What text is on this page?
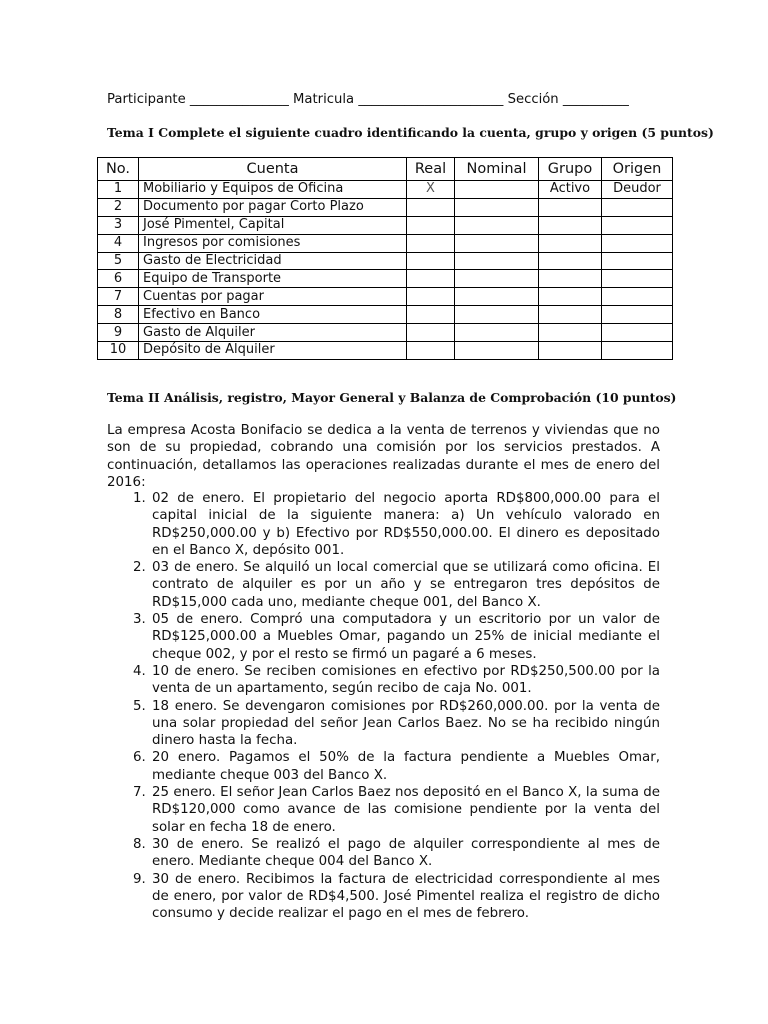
Participante _______________ Matricula ______________________ Sección __________
Tema I Complete el siguiente cuadro identificando la cuenta, grupo y origen (5 puntos)
No.	Cuenta	Real	Nominal	Grupo	Origen
1	Mobiliario y Equipos de Oficina	X		Activo	Deudor
2	Documento por pagar Corto Plazo				
3	José Pimentel, Capital				
4	Ingresos por comisiones				
5	Gasto de Electricidad				
6	Equipo de Transporte				
7	Cuentas por pagar				
8	Efectivo en Banco				
9	Gasto de Alquiler				
10	Depósito de Alquiler				
Tema II Análisis, registro, Mayor General y Balanza de Comprobación (10 puntos)

La empresa Acosta Bonifacio se dedica a la venta de terrenos y viviendas que no son de su propiedad, cobrando una comisión por los servicios prestados. A continuación, detallamos las operaciones realizadas durante el mes de enero del 2016:

1. 02 de enero. El propietario del negocio aporta RD$800,000.00 para el capital inicial de la siguiente manera: a) Un vehículo valorado en RD$250,000.00 y b) Efectivo por RD$550,000.00. El dinero es depositado en el Banco X, depósito 001.
2. 03 de enero. Se alquiló un local comercial que se utilizará como oficina. El contrato de alquiler es por un año y se entregaron tres depósitos de RD$15,000 cada uno, mediante cheque 001, del Banco X.
3. 05 de enero. Compró una computadora y un escritorio por un valor de RD$125,000.00 a Muebles Omar, pagando un 25% de inicial mediante el cheque 002, y por el resto se firmó un pagaré a 6 meses.
4. 10 de enero. Se reciben comisiones en efectivo por RD$250,500.00 por la venta de un apartamento, según recibo de caja No. 001.
5. 18 enero. Se devengaron comisiones por RD$260,000.00. por la venta de una solar propiedad del señor Jean Carlos Baez. No se ha recibido ningún dinero hasta la fecha.
6. 20 enero. Pagamos el 50% de la factura pendiente a Muebles Omar, mediante cheque 003 del Banco X.
7. 25 enero. El señor Jean Carlos Baez nos depositó en el Banco X, la suma de RD$120,000 como avance de las comisione pendiente por la venta del solar en fecha 18 de enero.
8. 30 de enero. Se realizó el pago de alquiler correspondiente al mes de enero. Mediante cheque 004 del Banco X.
9. 30 de enero. Recibimos la factura de electricidad correspondiente al mes de enero, por valor de RD$4,500. José Pimentel realiza el registro de dicho consumo y decide realizar el pago en el mes de febrero.
